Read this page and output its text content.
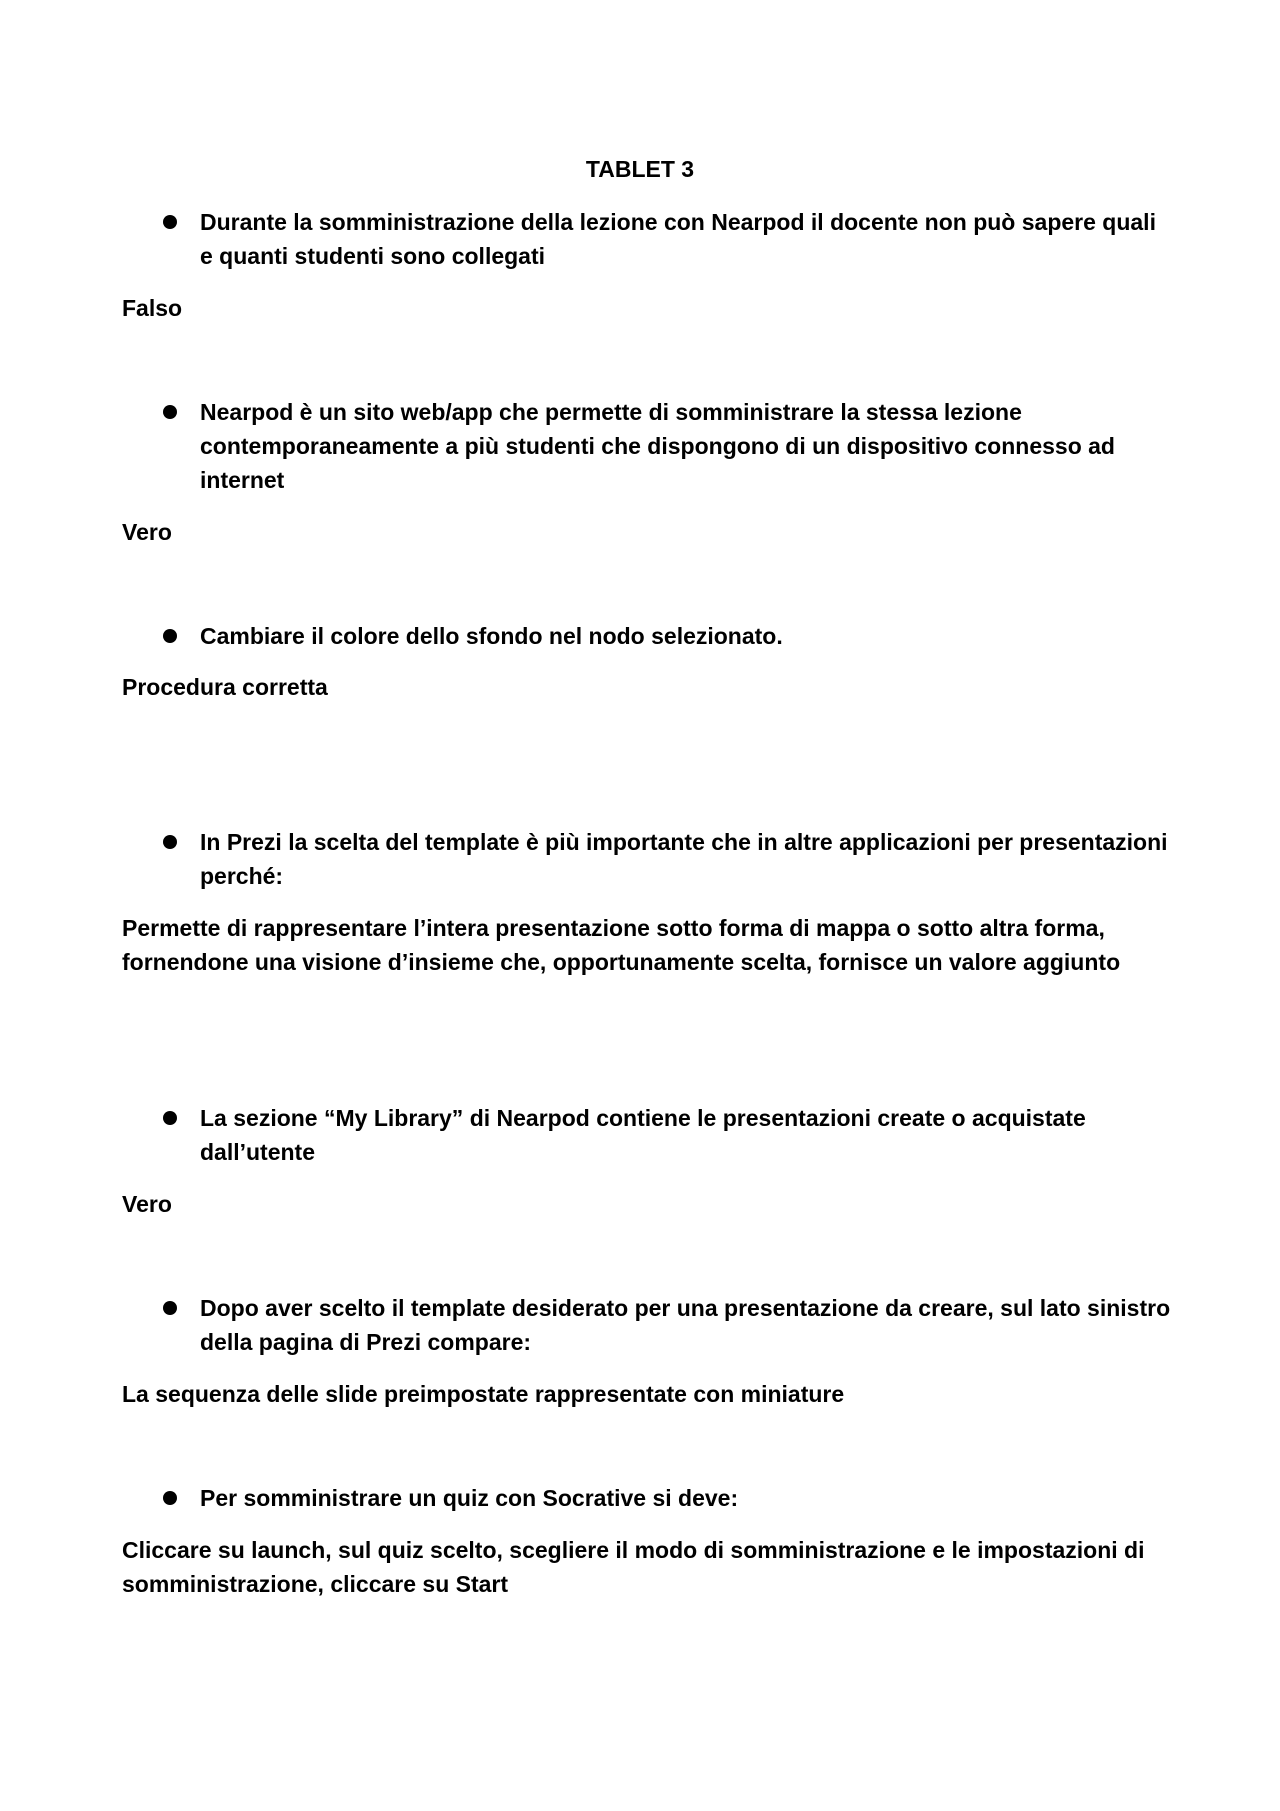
TABLET 3
Durante la somministrazione della lezione con Nearpod il docente non può sapere quali e quanti studenti sono collegati
Falso
Nearpod è un sito web/app che permette di somministrare la stessa lezione contemporaneamente a più studenti che dispongono di un dispositivo connesso ad internet
Vero
Cambiare il colore dello sfondo nel nodo selezionato.
Procedura corretta
In Prezi la scelta del template è più importante che in altre applicazioni per presentazioni perché:
Permette di rappresentare l’intera presentazione sotto forma di mappa o sotto altra forma, fornendone una visione d’insieme che, opportunamente scelta, fornisce un valore aggiunto
La sezione “My Library” di Nearpod contiene le presentazioni create o acquistate dall’utente
Vero
Dopo aver scelto il template desiderato per una presentazione da creare, sul lato sinistro della pagina di Prezi compare:
La sequenza delle slide preimpostate rappresentate con miniature
Per somministrare un quiz con Socrative si deve:
Cliccare su launch, sul quiz scelto, scegliere il modo di somministrazione e le impostazioni di somministrazione, cliccare su Start
